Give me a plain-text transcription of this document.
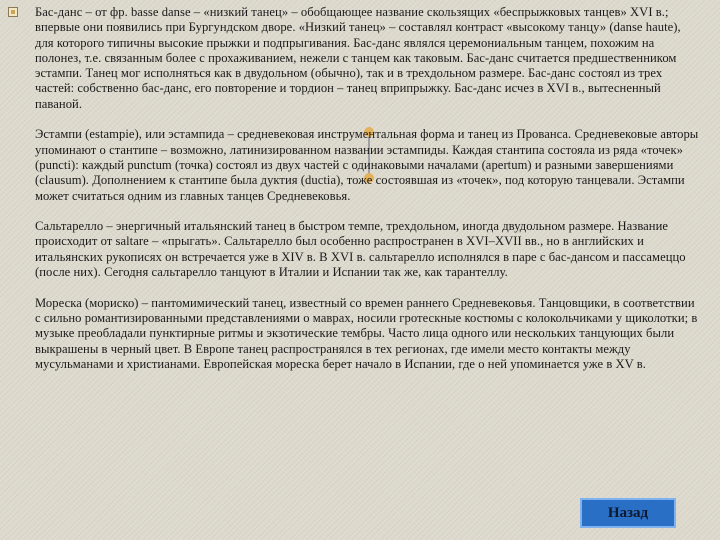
Бас-данс – от фр. basse danse – «низкий танец» – обобщающее название скользящих «беспрыжковых танцев» XVI в.; впервые они появились при Бургундском дворе. «Низкий танец» – составлял контраст «высокому танцу» (danse haute), для которого типичны высокие прыжки и подпрыгивания. Бас-данс являлся церемониальным танцем, похожим на полонез, т.е. связанным более с прохаживанием, нежели с танцем как таковым. Бас-данс считается предшественником эстампи. Танец мог исполняться как в двудольном (обычно), так и в трехдольном размере. Бас-данс состоял из трех частей: собственно бас-данс, его повторение и тордион – танец вприпрыжку. Бас-данс исчез в XVI в., вытесненный паваной.

Эстампи (estampie), или эстампида – средневековая инструментальная форма и танец из Прованса. Средневековые авторы упоминают о стантипе – возможно, латинизированном названии эстампиды. Каждая стантипа состояла из ряда «точек» (puncti): каждый punctum (точка) состоял из двух частей с одинаковыми началами (apertum) и разными завершениями (clausum). Дополнением к стантипе была дуктия (ductia), тоже состоявшая из «точек», под которую танцевали. Эстампи может считаться одним из главных танцев Средневековья.

Сальтарелло – энергичный итальянский танец в быстром темпе, трехдольном, иногда двудольном размере. Название происходит от saltare – «прыгать». Сальтарелло был особенно распространен в XVI–XVII вв., но в английских и итальянских рукописях он встречается уже в XIV в. В XVI в. сальтарелло исполнялся в паре с бас-дансом и пассамеццо (после них). Сегодня сальтарелло танцуют в Италии и Испании так же, как тарантеллу.

Мореска (мориско) – пантомимический танец, известный со времен раннего Средневековья. Танцовщики, в соответствии с сильно романтизированными представлениями о маврах, носили гротескные костюмы с колокольчиками у щиколотки; в музыке преобладали пунктирные ритмы и экзотические тембры. Часто лица одного или нескольких танцующих были выкрашены в черный цвет. В Европе танец распространялся в тех регионах, где имели место контакты между мусульманами и христианами. Европейская мореска берет начало в Испании, где о ней упоминается уже в XV в.

Назад
